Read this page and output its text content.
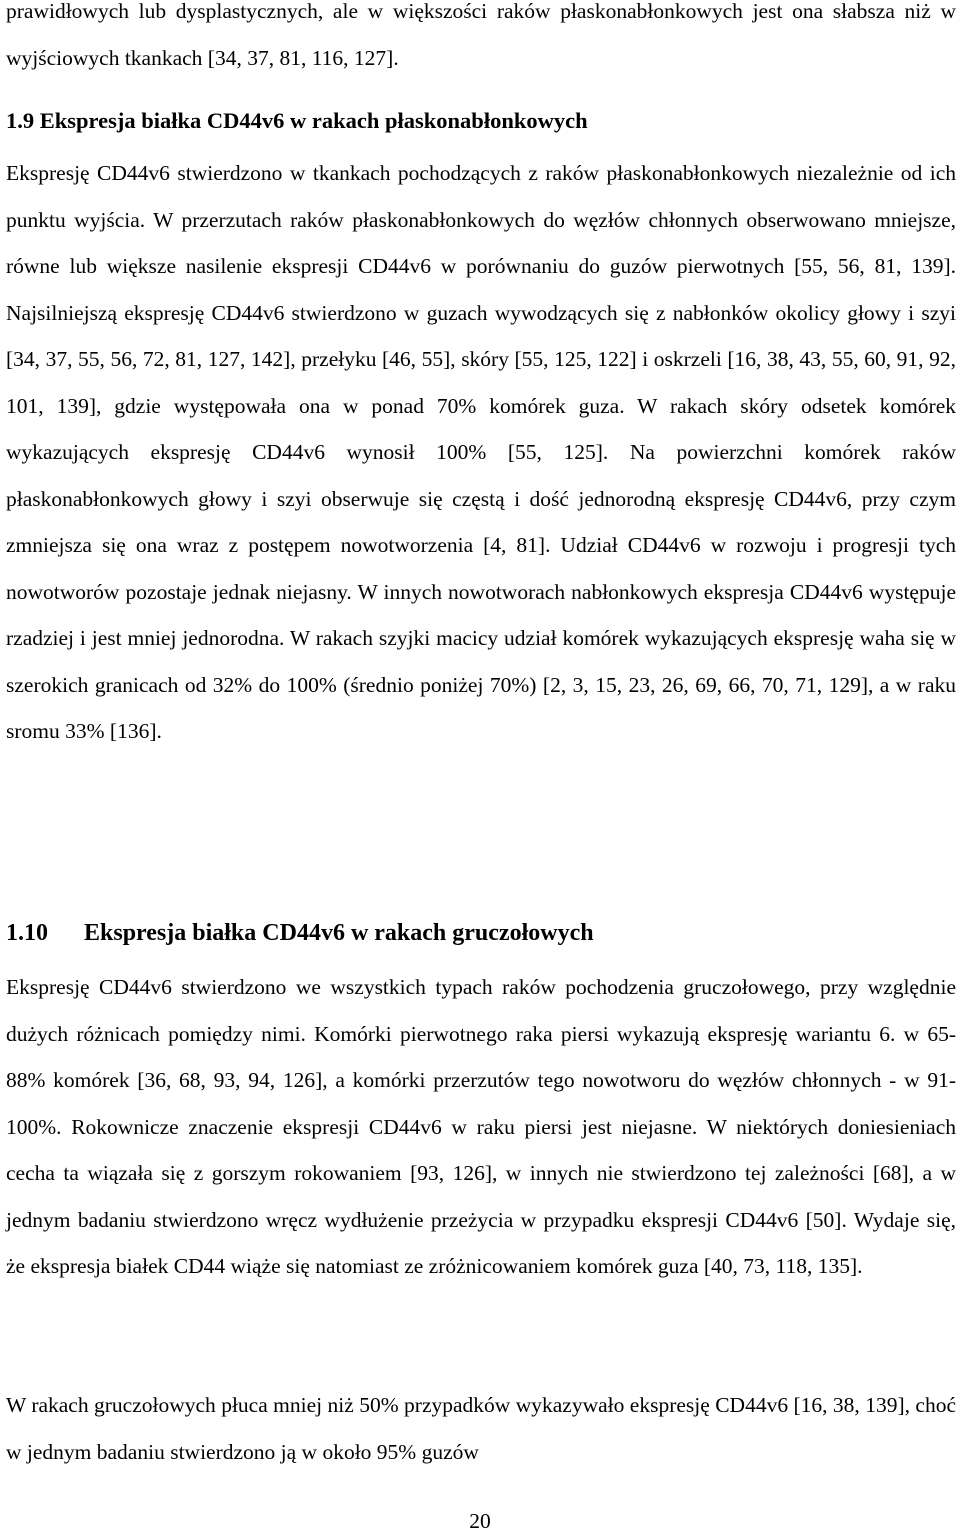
prawidłowych lub dysplastycznych, ale w większości raków płaskonabłonkowych jest ona słabsza niż w wyjściowych tkankach [34, 37, 81, 116, 127].

1.9 Ekspresja białka CD44v6 w rakach płaskonabłonkowych

Ekspresję CD44v6 stwierdzono w tkankach pochodzących z raków płaskonabłonkowych niezależnie od ich punktu wyjścia. W przerzutach raków płaskonabłonkowych do węzłów chłonnych obserwowano mniejsze, równe lub większe nasilenie ekspresji CD44v6 w porównaniu do guzów pierwotnych [55, 56, 81, 139]. Najsilniejszą ekspresję CD44v6 stwierdzono w guzach wywodzących się z nabłonków okolicy głowy i szyi [34, 37, 55, 56, 72, 81, 127, 142], przełyku [46, 55], skóry [55, 125, 122] i oskrzeli [16, 38, 43, 55, 60, 91, 92, 101, 139], gdzie występowała ona w ponad 70% komórek guza. W rakach skóry odsetek komórek wykazujących ekspresję CD44v6 wynosił 100% [55, 125]. Na powierzchni komórek raków płaskonabłonkowych głowy i szyi obserwuje się częstą i dość jednorodną ekspresję CD44v6, przy czym zmniejsza się ona wraz z postępem nowotworzenia [4, 81]. Udział CD44v6 w rozwoju i progresji tych nowotworów pozostaje jednak niejasny. W innych nowotworach nabłonkowych ekspresja CD44v6 występuje rzadziej i jest mniej jednorodna. W rakach szyjki macicy udział komórek wykazujących ekspresję waha się w szerokich granicach od 32% do 100% (średnio poniżej 70%) [2, 3, 15, 23, 26, 69, 66, 70, 71, 129], a w raku sromu 33% [136].

1.10 Ekspresja białka CD44v6 w rakach gruczołowych

Ekspresję CD44v6 stwierdzono we wszystkich typach raków pochodzenia gruczołowego, przy względnie dużych różnicach pomiędzy nimi. Komórki pierwotnego raka piersi wykazują ekspresję wariantu 6. w 65-88% komórek [36, 68, 93, 94, 126], a komórki przerzutów tego nowotworu do węzłów chłonnych - w 91-100%. Rokownicze znaczenie ekspresji CD44v6 w raku piersi jest niejasne. W niektórych doniesieniach cecha ta wiązała się z gorszym rokowaniem [93, 126], w innych nie stwierdzono tej zależności [68], a w jednym badaniu stwierdzono wręcz wydłużenie przeżycia w przypadku ekspresji CD44v6 [50]. Wydaje się, że ekspresja białek CD44 wiąże się natomiast ze zróżnicowaniem komórek guza [40, 73, 118, 135].

W rakach gruczołowych płuca mniej niż 50% przypadków wykazywało ekspresję CD44v6 [16, 38, 139], choć w jednym badaniu stwierdzono ją w około 95% guzów

20
